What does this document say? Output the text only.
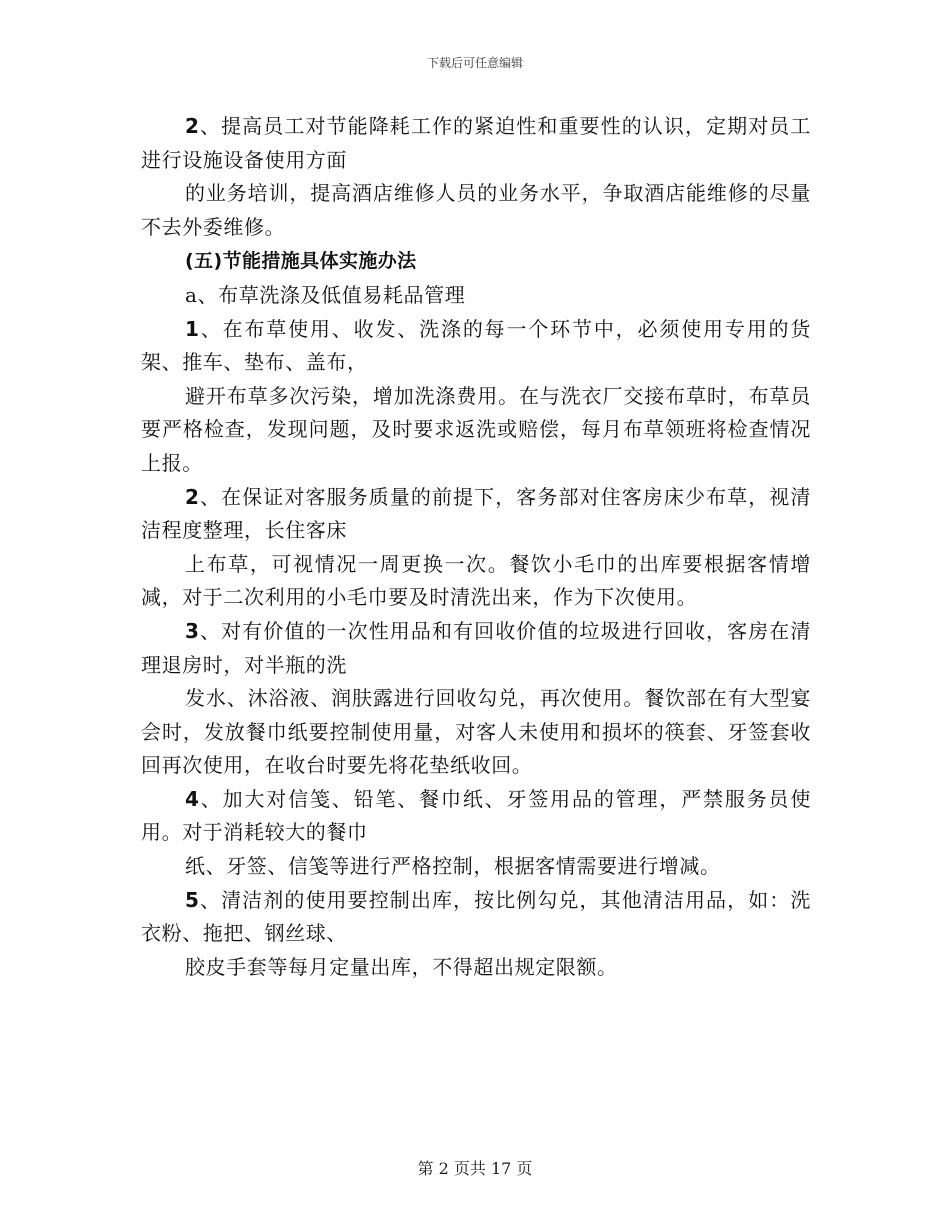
下载后可任意编辑

2、提高员工对节能降耗工作的紧迫性和重要性的认识，定期对员工进行设施设备使用方面

的业务培训，提高酒店维修人员的业务水平，争取酒店能维修的尽量不去外委维修。

(五)节能措施具体实施办法

a、布草洗涤及低值易耗品管理

1、在布草使用、收发、洗涤的每一个环节中，必须使用专用的货架、推车、垫布、盖布，

避开布草多次污染，增加洗涤费用。在与洗衣厂交接布草时，布草员要严格检查，发现问题，及时要求返洗或赔偿，每月布草领班将检查情况上报。

2、在保证对客服务质量的前提下，客务部对住客房床少布草，视清洁程度整理，长住客床

上布草，可视情况一周更换一次。餐饮小毛巾的出库要根据客情增减，对于二次利用的小毛巾要及时清洗出来，作为下次使用。

3、对有价值的一次性用品和有回收价值的垃圾进行回收，客房在清理退房时，对半瓶的洗

发水、沐浴液、润肤露进行回收勾兑，再次使用。餐饮部在有大型宴会时，发放餐巾纸要控制使用量，对客人未使用和损坏的筷套、牙签套收回再次使用，在收台时要先将花垫纸收回。

4、加大对信笺、铅笔、餐巾纸、牙签用品的管理，严禁服务员使用。对于消耗较大的餐巾

纸、牙签、信笺等进行严格控制，根据客情需要进行增减。

5、清洁剂的使用要控制出库，按比例勾兑，其他清洁用品，如：洗衣粉、拖把、钢丝球、

胶皮手套等每月定量出库，不得超出规定限额。

第 2 页共 17 页
